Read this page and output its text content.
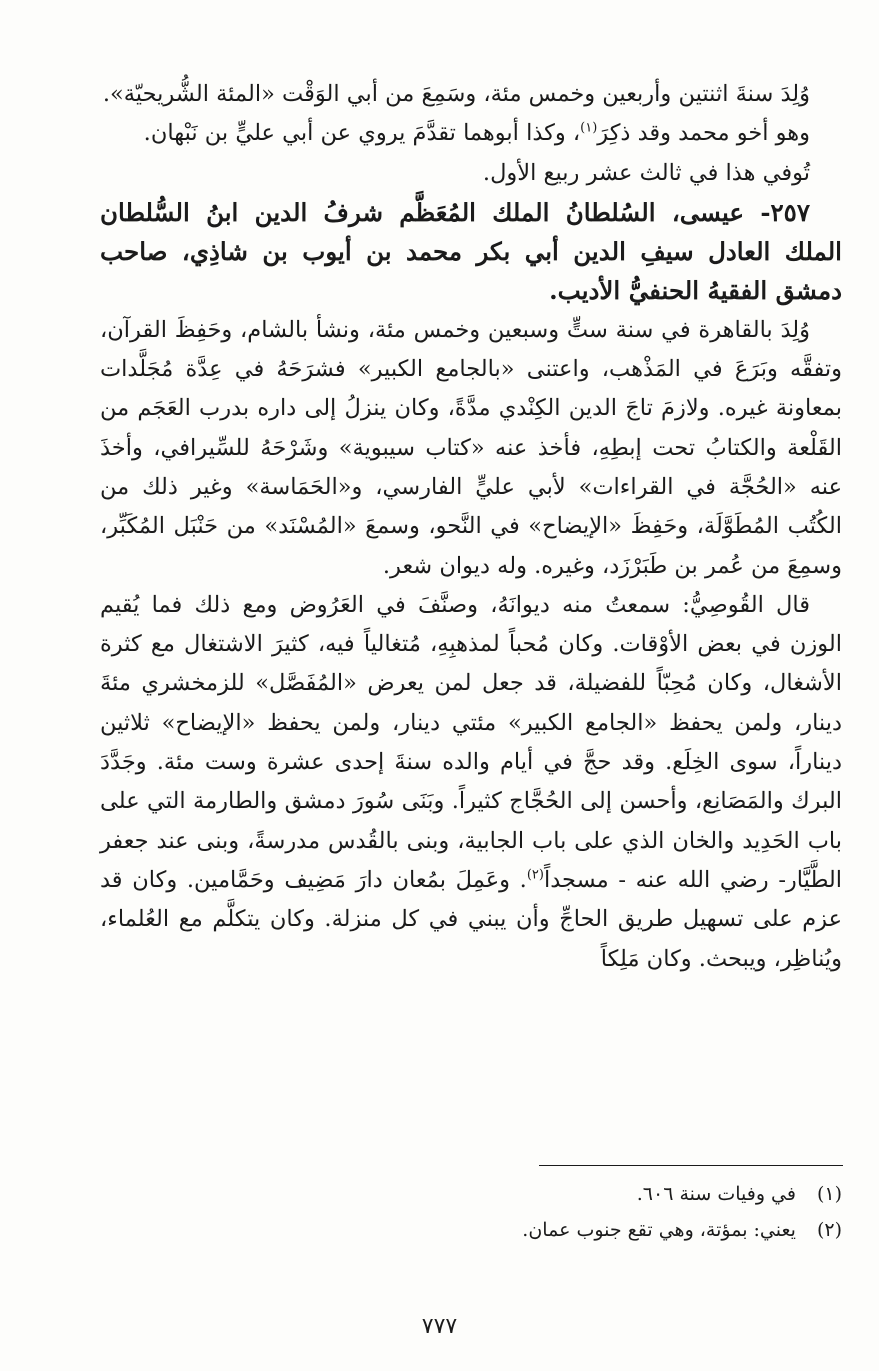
وُلِدَ سنةَ اثنتين وأربعين وخمس مئة، وسَمِعَ من أبي الوَقْت «المئة الشُّريحيّة».

وهو أخو محمد وقد ذكِرَ$^{(١)}$، وكذا أبوهما تقدَّمَ يروي عن أبي عليٍّ بن نَبْهان.

تُوفي هذا في ثالث عشر ربيع الأول.

٢٥٧- عيسى، السُلطانُ الملك المُعَظَّم شرفُ الدين ابنُ السُّلطان الملك العادل سيفِ الدين أبي بكر محمد بن أيوب بن شاذِي، صاحب دمشق الفقيهُ الحنفيُّ الأديب.

وُلِدَ بالقاهرة في سنة ستٍّ وسبعين وخمس مئة، ونشأ بالشام، وحَفِظَ القرآن، وتفقَّه وبَرَعَ في المَذْهب، واعتنى «بالجامع الكبير» فشرَحَهُ في عِدَّة مُجَلَّدات بمعاونة غيره. ولازمَ تاجَ الدين الكِنْدي مدَّةً، وكان ينزلُ إلى داره بدرب العَجَم من القَلْعة والكتابُ تحت إبطِهِ، فأخذ عنه «كتاب سيبوية» وشَرْحَهُ للسِّيرافي، وأخذَ عنه «الحُجَّة في القراءات» لأبي عليٍّ الفارسي، و«الحَمَاسة» وغير ذلك من الكُتُب المُطَوَّلَة، وحَفِظَ «الإيضاح» في النَّحو، وسمعَ «المُسْنَد» من حَنْبَل المُكَبِّر، وسمِعَ من عُمر بن طَبَرْزَد، وغيره. وله ديوان شعر.

قال القُوصِيُّ: سمعتُ منه ديوانَهُ، وصنَّفَ في العَرُوض ومع ذلك فما يُقيم الوزن في بعض الأوْقات. وكان مُحباً لمذهبِهِ، مُتغالياً فيه، كثيرَ الاشتغال مع كثرة الأشغال، وكان مُحِبّاً للفضيلة، قد جعل لمن يعرض «المُفَصَّل» للزمخشري مئةَ دينار، ولمن يحفظ «الجامع الكبير» مئتي دينار، ولمن يحفظ «الإيضاح» ثلاثين ديناراً، سوى الخِلَع. وقد حجَّ في أيام والده سنةَ إحدى عشرة وست مئة. وجَدَّدَ البرك والمَصَانِع، وأحسن إلى الحُجَّاج كثيراً. وبَنَى سُورَ دمشق والطارمة التي على باب الحَدِيد والخان الذي على باب الجابية، وبنى بالقُدس مدرسةً، وبنى عند جعفر الطَّيَّار- رضي الله عنه - مسجداً$^{(٢)}$. وعَمِلَ بمُعان دارَ مَضِيف وحَمَّامين. وكان قد عزم على تسهيل طريق الحاجِّ وأن يبني في كل منزلة. وكان يتكلَّم مع العُلماء، ويُناظِر، ويبحث. وكان مَلِكاً

(١) في وفيات سنة ٦٠٦.

(٢) يعني: بمؤتة، وهي تقع جنوب عمان.

٧٧٧
